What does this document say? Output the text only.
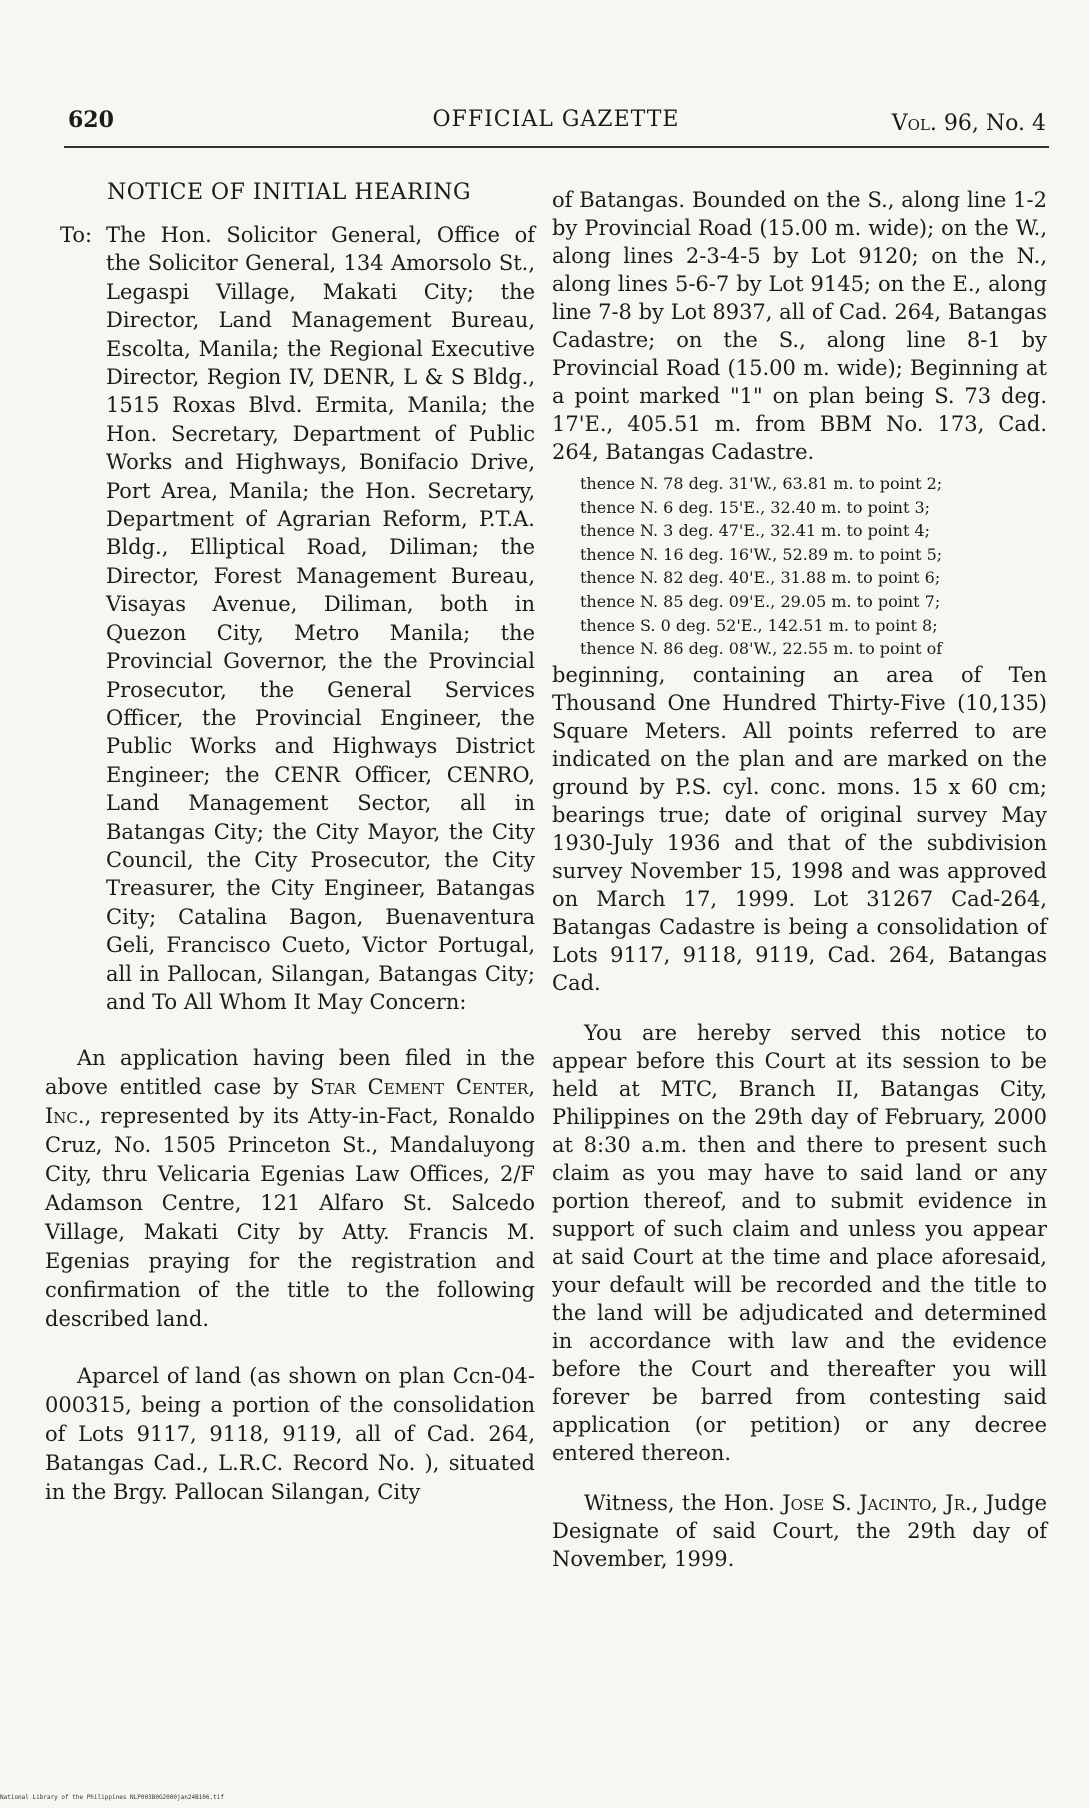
620	OFFICIAL GAZETTE	Vol. 96, No. 4
NOTICE OF INITIAL HEARING
To: The Hon. Solicitor General, Office of the Solicitor General, 134 Amorsolo St., Legaspi Village, Makati City; the Director, Land Management Bureau, Escolta, Manila; the Regional Executive Director, Region IV, DENR, L & S Bldg., 1515 Roxas Blvd. Ermita, Manila; the Hon. Secretary, Department of Public Works and Highways, Bonifacio Drive, Port Area, Manila; the Hon. Secretary, Department of Agrarian Reform, P.T.A. Bldg., Elliptical Road, Diliman; the Director, Forest Management Bureau, Visayas Avenue, Diliman, both in Quezon City, Metro Manila; the Provincial Governor, the the Provincial Prosecutor, the General Services Officer, the Provincial Engineer, the Public Works and Highways District Engineer; the CENR Officer, CENRO, Land Management Sector, all in Batangas City; the City Mayor, the City Council, the City Prosecutor, the City Treasurer, the City Engineer, Batangas City; Catalina Bagon, Buenaventura Geli, Francisco Cueto, Victor Portugal, all in Pallocan, Silangan, Batangas City; and To All Whom It May Concern:

An application having been filed in the above entitled case by Star Cement Center, Inc., represented by its Atty-in-Fact, Ronaldo Cruz, No. 1505 Princeton St., Mandaluyong City, thru Velicaria Egenias Law Offices, 2/F Adamson Centre, 121 Alfaro St. Salcedo Village, Makati City by Atty. Francis M. Egenias praying for the registration and confirmation of the title to the following described land.

Aparcel of land (as shown on plan Ccn-04-000315, being a portion of the consolidation of Lots 9117, 9118, 9119, all of Cad. 264, Batangas Cad., L.R.C. Record No. ), situated in the Brgy. Pallocan Silangan, City

of Batangas. Bounded on the S., along line 1-2 by Provincial Road (15.00 m. wide); on the W., along lines 2-3-4-5 by Lot 9120; on the N., along lines 5-6-7 by Lot 9145; on the E., along line 7-8 by Lot 8937, all of Cad. 264, Batangas Cadastre; on the S., along line 8-1 by Provincial Road (15.00 m. wide); Beginning at a point marked "1" on plan being S. 73 deg. 17'E., 405.51 m. from BBM No. 173, Cad. 264, Batangas Cadastre.

thence N. 78 deg. 31'W., 63.81 m. to point 2;
thence N. 6 deg. 15'E., 32.40 m. to point 3;
thence N. 3 deg. 47'E., 32.41 m. to point 4;
thence N. 16 deg. 16'W., 52.89 m. to point 5;
thence N. 82 deg. 40'E., 31.88 m. to point 6;
thence N. 85 deg. 09'E., 29.05 m. to point 7;
thence S. 0 deg. 52'E., 142.51 m. to point 8;
thence N. 86 deg. 08'W., 22.55 m. to point of

beginning, containing an area of Ten Thousand One Hundred Thirty-Five (10,135) Square Meters. All points referred to are indicated on the plan and are marked on the ground by P.S. cyl. conc. mons. 15 x 60 cm; bearings true; date of original survey May 1930-July 1936 and that of the subdivision survey November 15, 1998 and was approved on March 17, 1999. Lot 31267 Cad-264, Batangas Cadastre is being a consolidation of Lots 9117, 9118, 9119, Cad. 264, Batangas Cad.

You are hereby served this notice to appear before this Court at its session to be held at MTC, Branch II, Batangas City, Philippines on the 29th day of February, 2000 at 8:30 a.m. then and there to present such claim as you may have to said land or any portion thereof, and to submit evidence in support of such claim and unless you appear at said Court at the time and place aforesaid, your default will be recorded and the title to the land will be adjudicated and determined in accordance with law and the evidence before the Court and thereafter you will forever be barred from contesting said application (or petition) or any decree entered thereon.

Witness, the Hon. Jose S. Jacinto, Jr., Judge Designate of said Court, the 29th day of November, 1999.

National Library of the Philippines NLP003B0G2000jan24B106.tif
